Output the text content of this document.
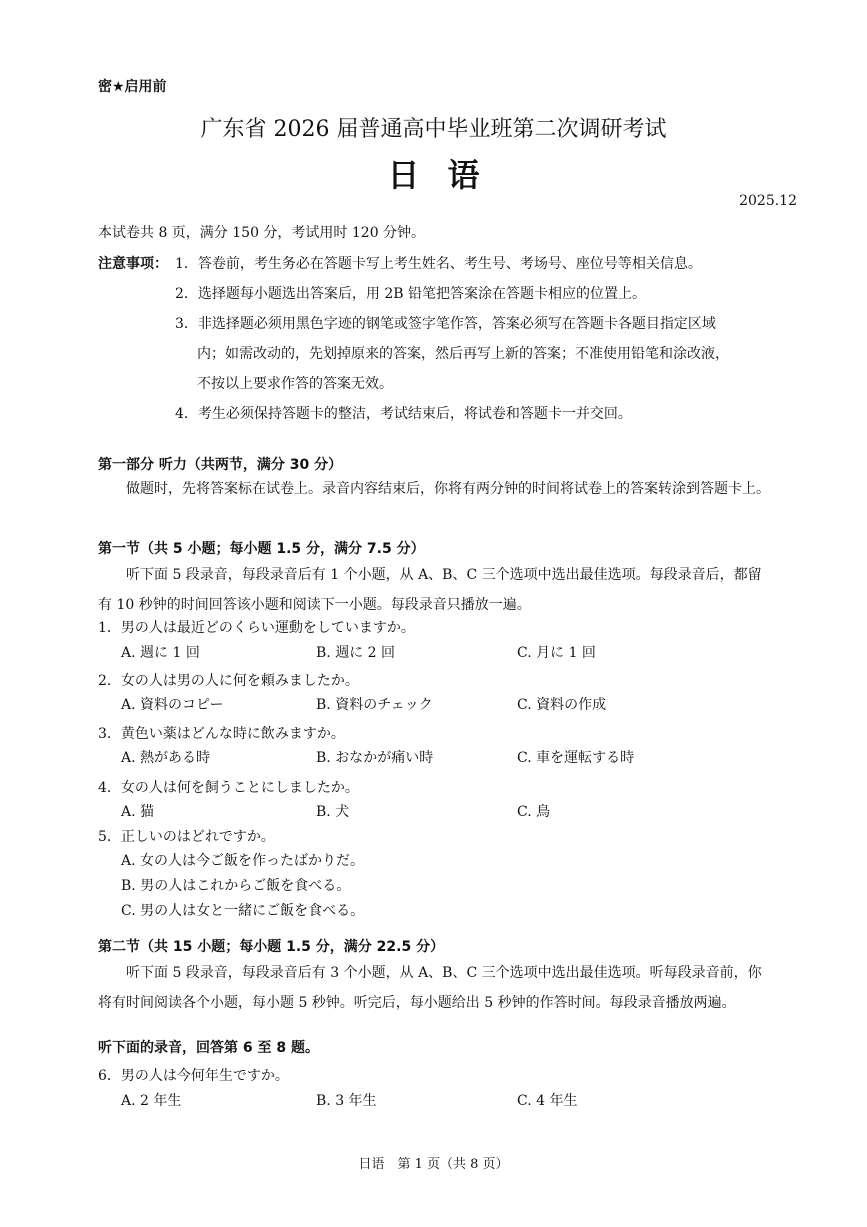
密★启用前
广东省 2026 届普通高中毕业班第二次调研考试
日语
2025.12
本试卷共 8 页，满分 150 分，考试用时 120 分钟。
注意事项： 1．答卷前，考生务必在答题卡写上考生姓名、考生号、考场号、座位号等相关信息。
2．选择题每小题选出答案后，用 2B 铅笔把答案涂在答题卡相应的位置上。
3．非选择题必须用黑色字迹的钢笔或签字笔作答，答案必须写在答题卡各题目指定区域
内；如需改动的，先划掉原来的答案，然后再写上新的答案；不准使用铅笔和涂改液，
不按以上要求作答的答案无效。
4．考生必须保持答题卡的整洁，考试结束后，将试卷和答题卡一并交回。
第一部分 听力（共两节，满分 30 分）
做题时，先将答案标在试卷上。录音内容结束后，你将有两分钟的时间将试卷上的答案转涂到答题卡上。
第一节（共 5 小题；每小题 1.5 分，满分 7.5 分）
听下面 5 段录音，每段录音后有 1 个小题，从 A、B、C 三个选项中选出最佳选项。每段录音后，都留有 10 秒钟的时间回答该小题和阅读下一小题。每段录音只播放一遍。
1．男の人は最近どのくらい運動をしていますか。
A. 週に 1 回	B. 週に 2 回	C. 月に 1 回
2．女の人は男の人に何を頼みましたか。
A. 資料のコピー	B. 資料のチェック	C. 資料の作成
3．黄色い薬はどんな時に飲みますか。
A. 熱がある時	B. おなかが痛い時	C. 車を運転する時
4．女の人は何を飼うことにしましたか。
A. 猫	B. 犬	C. 鳥
5．正しいのはどれですか。
A. 女の人は今ご飯を作ったばかりだ。
B. 男の人はこれからご飯を食べる。
C. 男の人は女と一緒にご飯を食べる。
第二节（共 15 小题；每小题 1.5 分，满分 22.5 分）
听下面 5 段录音，每段录音后有 3 个小题，从 A、B、C 三个选项中选出最佳选项。听每段录音前，你将有时间阅读各个小题，每小题 5 秒钟。听完后，每小题给出 5 秒钟的作答时间。每段录音播放两遍。
听下面的录音，回答第 6 至 8 题。
6．男の人は今何年生ですか。
A. 2 年生	B. 3 年生	C. 4 年生
日语　第 1 页（共 8 页）
